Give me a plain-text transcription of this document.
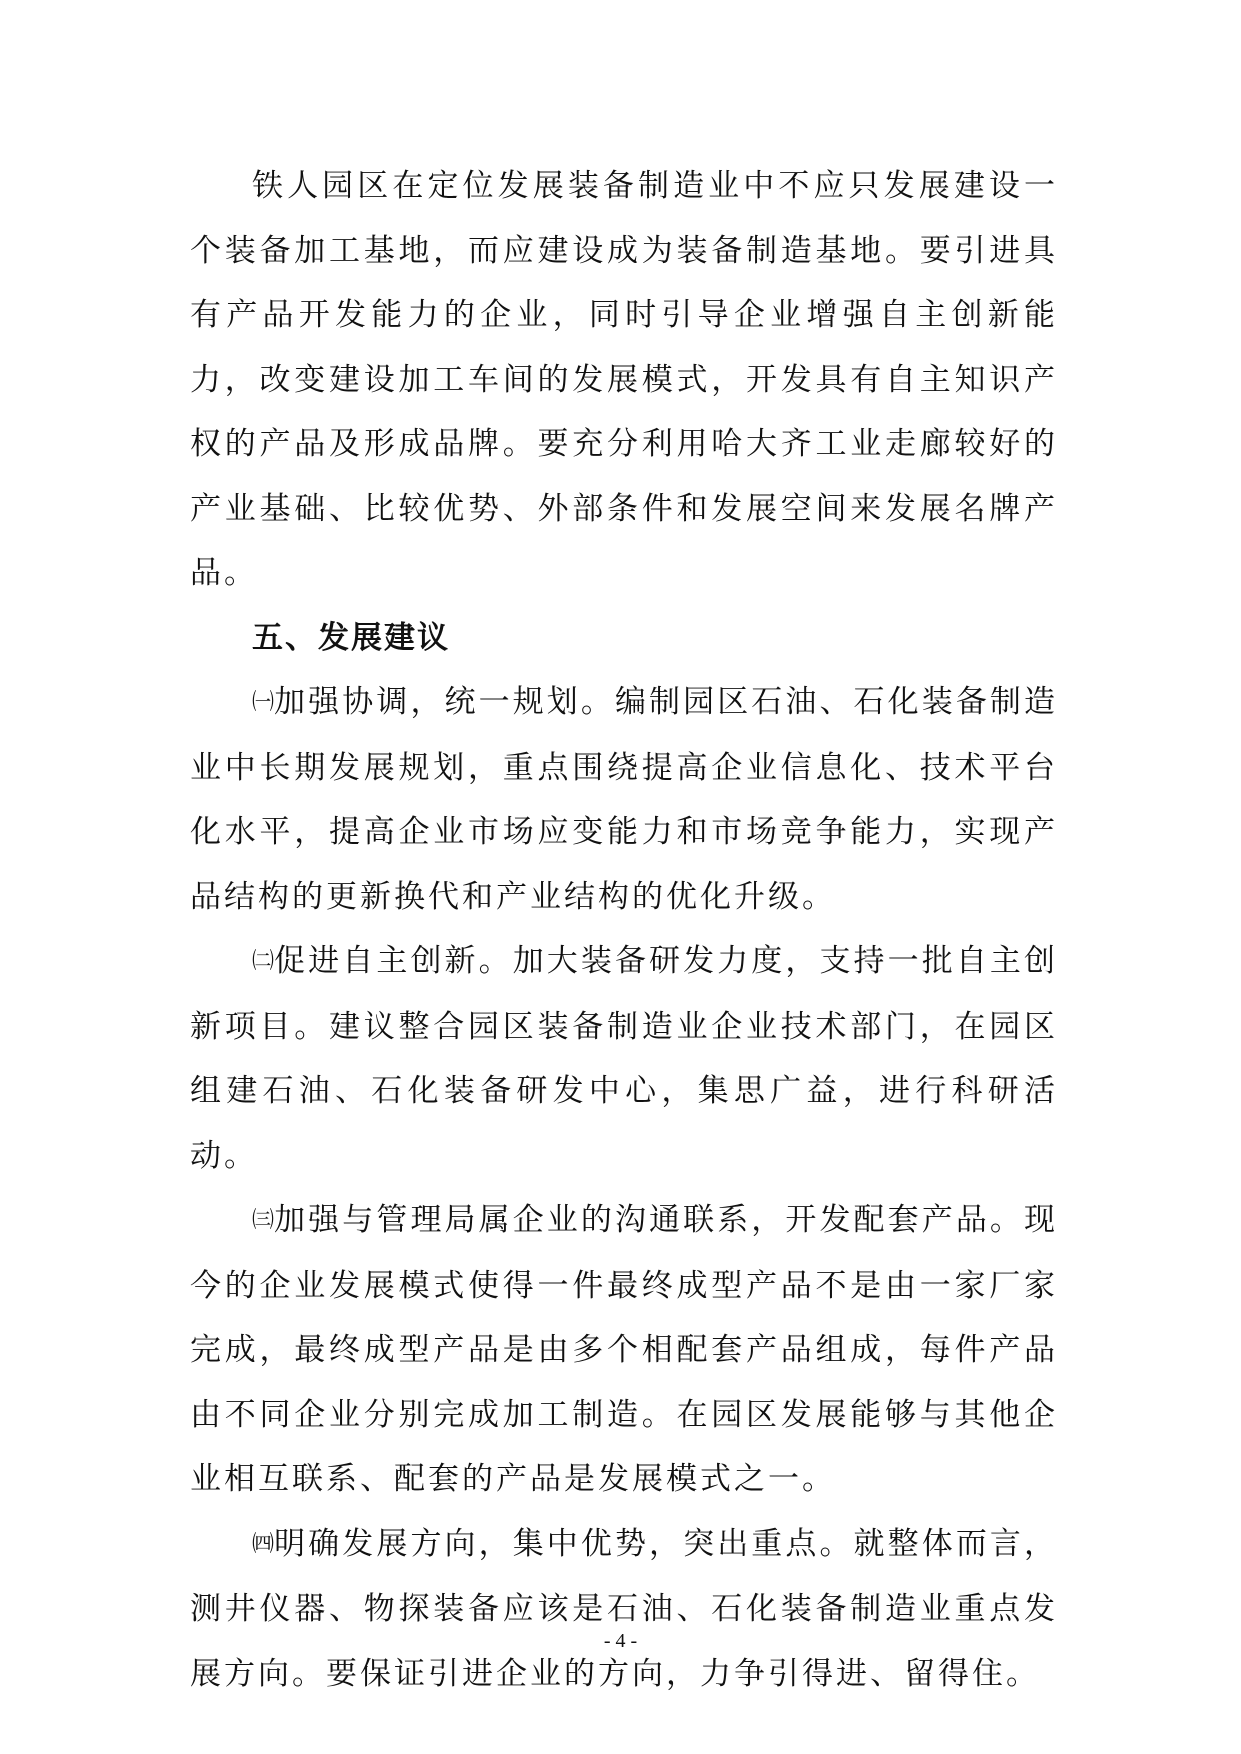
铁人园区在定位发展装备制造业中不应只发展建设一个装备加工基地，而应建设成为装备制造基地。要引进具有产品开发能力的企业，同时引导企业增强自主创新能力，改变建设加工车间的发展模式，开发具有自主知识产权的产品及形成品牌。要充分利用哈大齐工业走廊较好的产业基础、比较优势、外部条件和发展空间来发展名牌产品。

五、发展建议

㈠加强协调，统一规划。编制园区石油、石化装备制造业中长期发展规划，重点围绕提高企业信息化、技术平台化水平，提高企业市场应变能力和市场竞争能力，实现产品结构的更新换代和产业结构的优化升级。

㈡促进自主创新。加大装备研发力度，支持一批自主创新项目。建议整合园区装备制造业企业技术部门，在园区组建石油、石化装备研发中心，集思广益，进行科研活动。

㈢加强与管理局属企业的沟通联系，开发配套产品。现今的企业发展模式使得一件最终成型产品不是由一家厂家完成，最终成型产品是由多个相配套产品组成，每件产品由不同企业分别完成加工制造。在园区发展能够与其他企业相互联系、配套的产品是发展模式之一。

㈣明确发展方向，集中优势，突出重点。就整体而言，测井仪器、物探装备应该是石油、石化装备制造业重点发展方向。要保证引进企业的方向，力争引得进、留得住。

- 4 -
